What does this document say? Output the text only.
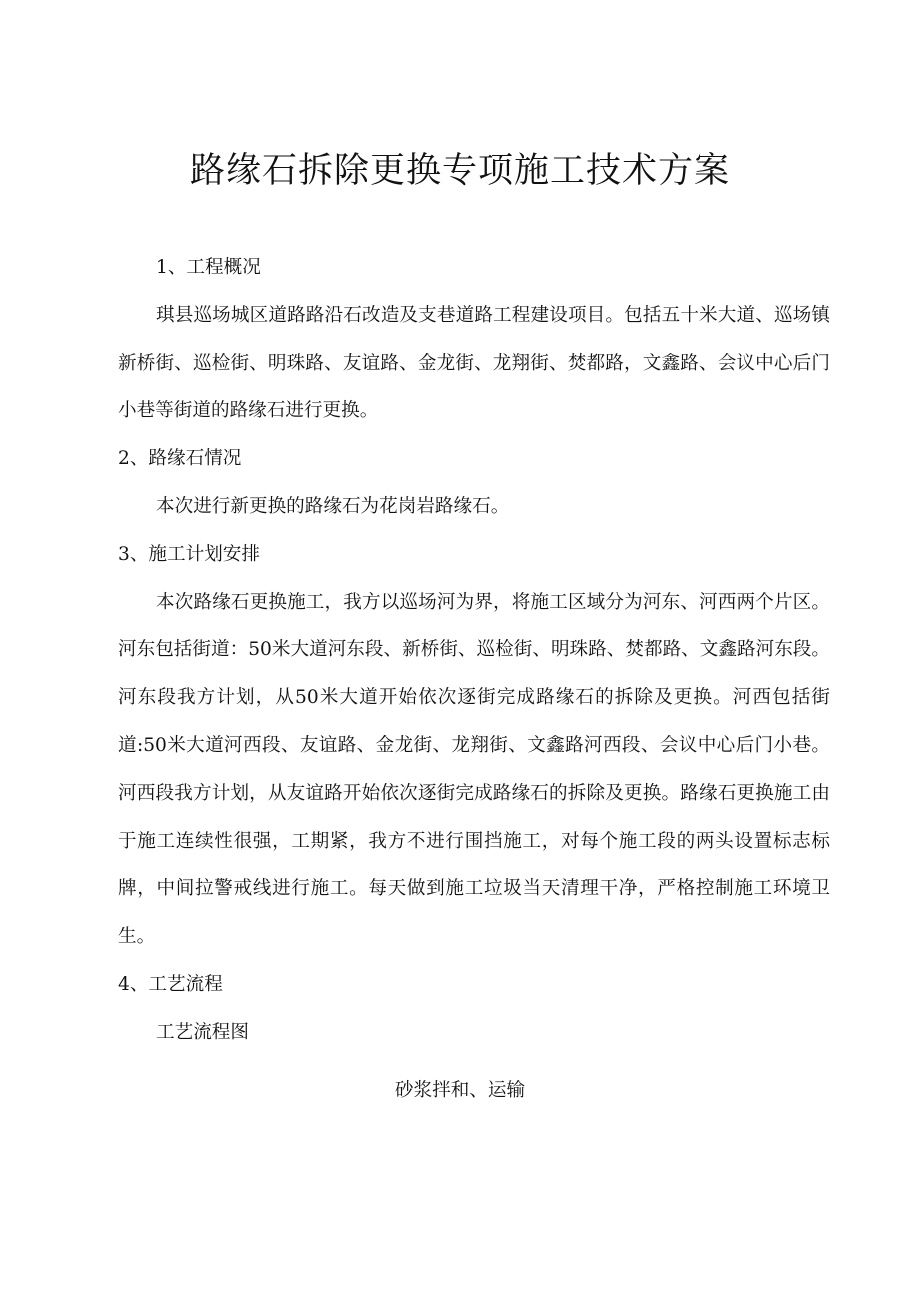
路缘石拆除更换专项施工技术方案

1、工程概况

琪县巡场城区道路路沿石改造及支巷道路工程建设项目。包括五十米大道、巡场镇新桥街、巡检街、明珠路、友谊路、金龙街、龙翔街、焚都路，文鑫路、会议中心后门小巷等街道的路缘石进行更换。

2、路缘石情况

本次进行新更换的路缘石为花岗岩路缘石。

3、施工计划安排

本次路缘石更换施工，我方以巡场河为界，将施工区域分为河东、河西两个片区。河东包括街道：50米大道河东段、新桥街、巡检街、明珠路、焚都路、文鑫路河东段。河东段我方计划，从50米大道开始依次逐街完成路缘石的拆除及更换。河西包括街道:50米大道河西段、友谊路、金龙街、龙翔街、文鑫路河西段、会议中心后门小巷。河西段我方计划，从友谊路开始依次逐街完成路缘石的拆除及更换。路缘石更换施工由于施工连续性很强，工期紧，我方不进行围挡施工，对每个施工段的两头设置标志标牌，中间拉警戒线进行施工。每天做到施工垃圾当天清理干净，严格控制施工环境卫生。

4、工艺流程

工艺流程图

砂浆拌和、运输
